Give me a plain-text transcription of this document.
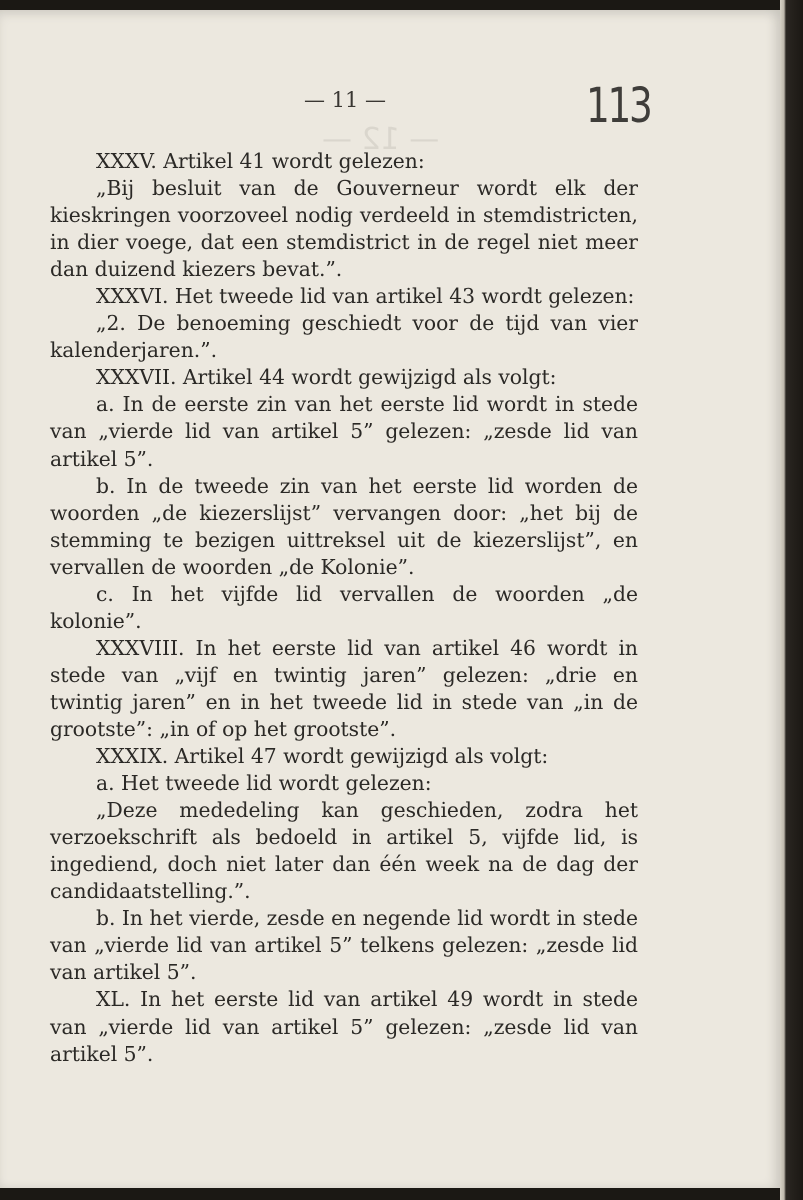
— 12 —
— 11 —	113

XXXV. Artikel 41 wordt gelezen:

„Bij besluit van de Gouverneur wordt elk der kieskringen voorzoveel nodig verdeeld in stemdistricten, in dier voege, dat een stemdistrict in de regel niet meer dan duizend kiezers bevat.”.

XXXVI. Het tweede lid van artikel 43 wordt gelezen:

„2. De benoeming geschiedt voor de tijd van vier kalenderjaren.”.

XXXVII. Artikel 44 wordt gewijzigd als volgt:

a. In de eerste zin van het eerste lid wordt in stede van „vierde lid van artikel 5” gelezen: „zesde lid van artikel 5”.

b. In de tweede zin van het eerste lid worden de woorden „de kiezerslijst” vervangen door: „het bij de stemming te bezigen uittreksel uit de kiezerslijst”, en vervallen de woorden „de Kolonie”.

c. In het vijfde lid vervallen de woorden „de kolonie”.

XXXVIII. In het eerste lid van artikel 46 wordt in stede van „vijf en twintig jaren” gelezen: „drie en twintig jaren” en in het tweede lid in stede van „in de grootste”: „in of op het grootste”.

XXXIX. Artikel 47 wordt gewijzigd als volgt:

a. Het tweede lid wordt gelezen:

„Deze mededeling kan geschieden, zodra het verzoekschrift als bedoeld in artikel 5, vijfde lid, is ingediend, doch niet later dan één week na de dag der candidaatstelling.”.

b. In het vierde, zesde en negende lid wordt in stede van „vierde lid van artikel 5” telkens gelezen: „zesde lid van artikel 5”.

XL. In het eerste lid van artikel 49 wordt in stede van „vierde lid van artikel 5” gelezen: „zesde lid van artikel 5”.
